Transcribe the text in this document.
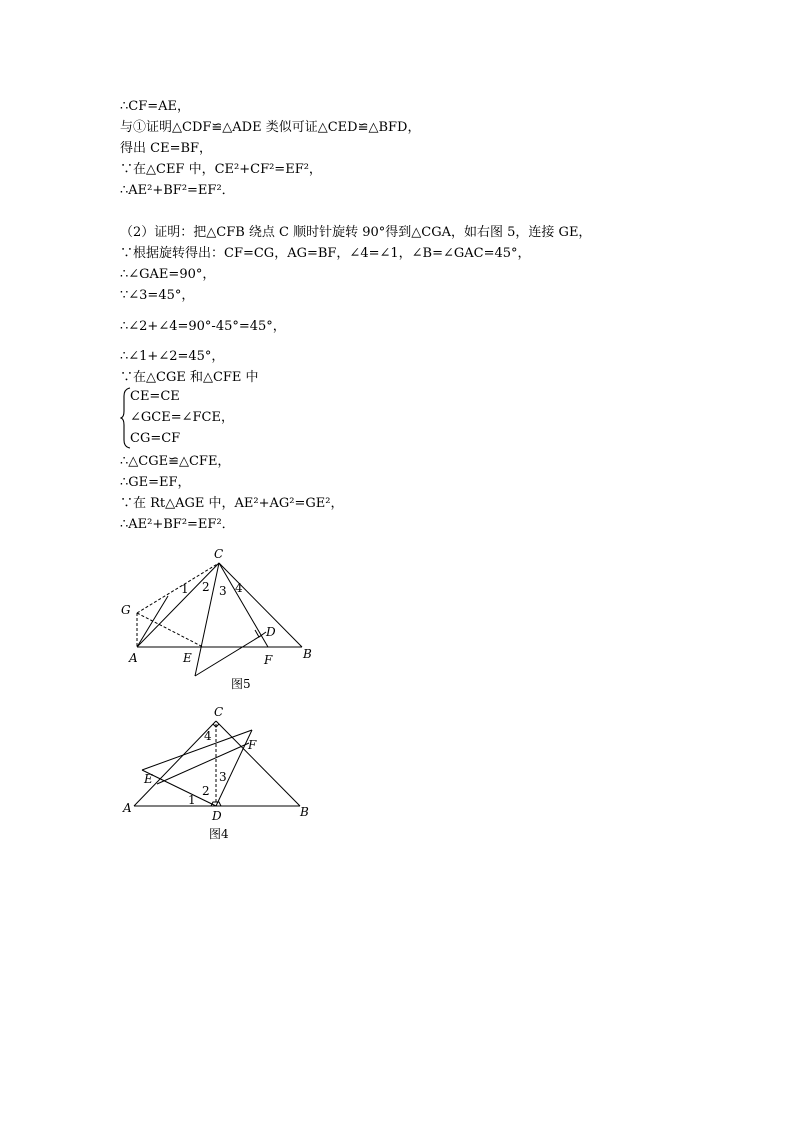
∴CF=AE，
与①证明△CDF≌△ADE 类似可证△CED≌△BFD，
得出 CE=BF，
∵在△CEF 中，CE²+CF²=EF²，
∴AE²+BF²=EF²．
（2）证明：把△CFB 绕点 C 顺时针旋转 90°得到△CGA，如右图 5，连接 GE，
∵根据旋转得出：CF=CG，AG=BF，∠4=∠1，∠B=∠GAC=45°，
∴∠GAE=90°，
∵∠3=45°，
∴∠2+∠4=90°-45°=45°，
∴∠1+∠2=45°，
∵在△CGE 和△CFE 中
CE=CE
∠GCE=∠FCE，
CG=CF
∴△CGE≌△CFE，
∴GE=EF，
∵在 Rt△AGE 中，AE²+AG²=GE²，
∴AE²+BF²=EF²．
C
G
A	E	F	B
D
1 2 3 4
图5
C
E
F
A	B
D
1
2
3
4
图4
